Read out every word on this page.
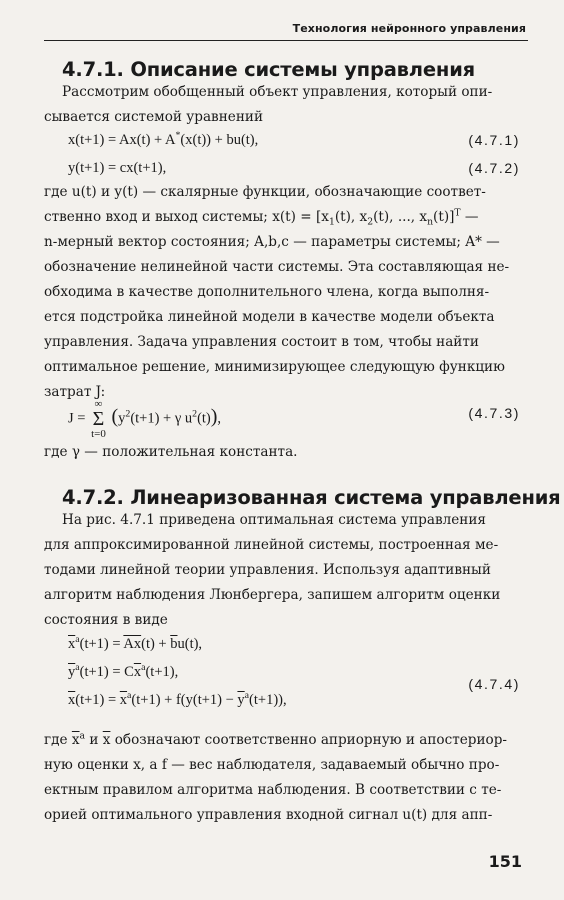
Технология нейронного управления
4.7.1. Описание системы управления
Рассмотрим обобщенный объект управления, который опи-
сывается системой уравнений
x(t+1) = Ax(t) + A*(x(t)) + bu(t),	(4.7.1)
y(t+1) = cx(t+1),	(4.7.2)
где u(t) и y(t) — скалярные функции, обозначающие соответ-
ственно вход и выход системы; $x(t) = [x_1(t)$, $x_2(t)$, ..., $x_n(t)]^T$ —
n-мерный вектор состояния; A,b,c — параметры системы; A* —
обозначение нелинейной части системы. Эта составляющая не-
обходима в качестве дополнительного члена, когда выполня-
ется подстройка линейной модели в качестве модели объекта
управления. Задача управления состоит в том, чтобы найти
оптимальное решение, минимизирующее следующую функцию
затрат J:
J =
∞
Σ
t=0
($y^2(t+1) + \gamma$ $u^2(t)$),	(4.7.3)
где γ — положительная константа.
4.7.2. Линеаризованная система управления
На рис. 4.7.1 приведена оптимальная система управления
для аппроксимированной линейной системы, построенная ме-
тодами линейной теории управления. Используя адаптивный
алгоритм наблюдения Люнбергера, запишем алгоритм оценки
состояния в виде
$\overline{x}^a(t+1) = \overline{Ax}(t) + \overline{b}u(t)$,
$\overline{y}^a(t+1) = C\overline{x}^a(t+1)$,
$\overline{x}(t+1) = \overline{x}^a(t+1) + f(y(t+1) - \overline{y}^a(t+1))$,
(4.7.4)
где $\overline{x}^a$ и $\overline{x}$ обозначают соответственно априорную и апостериор-
ную оценки x, а f — вес наблюдателя, задаваемый обычно про-
ектным правилом алгоритма наблюдения. В соответствии с те-
орией оптимального управления входной сигнал u(t) для апп-
151
